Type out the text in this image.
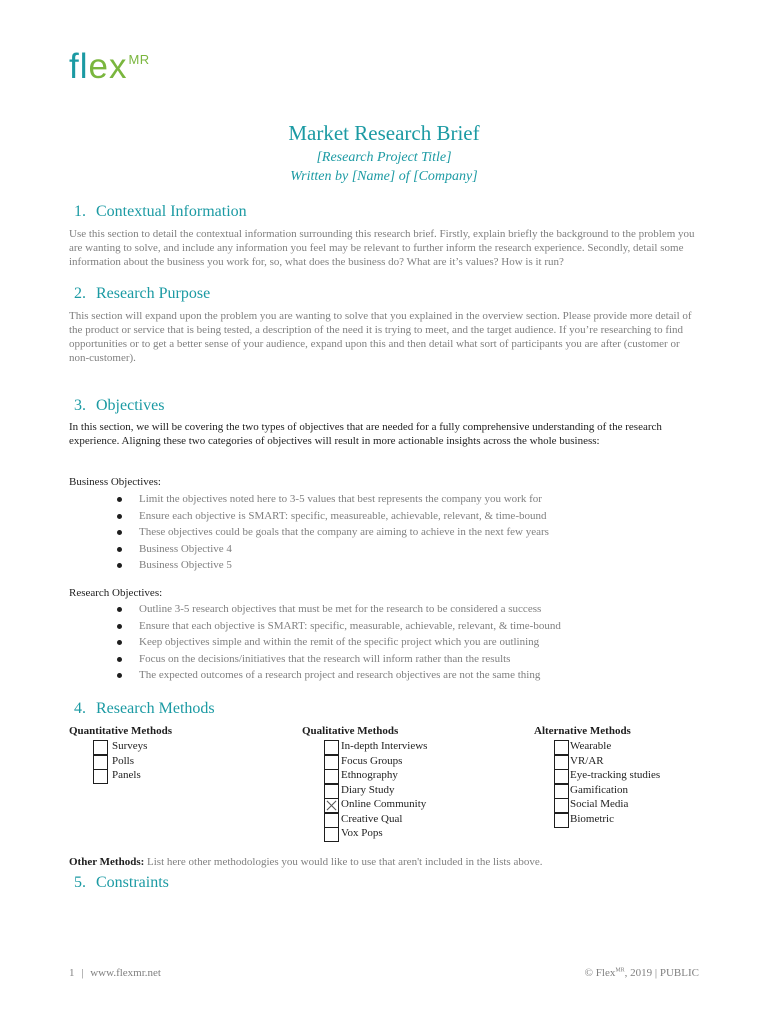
flex MR
Market Research Brief
[Research Project Title]
Written by [Name] of [Company]
1. Contextual Information
Use this section to detail the contextual information surrounding this research brief. Firstly, explain briefly the background to the problem you are wanting to solve, and include any information you feel may be relevant to further inform the research experience. Secondly, detail some information about the business you work for, so, what does the business do? What are it’s values? How is it run?
2. Research Purpose
This section will expand upon the problem you are wanting to solve that you explained in the overview section. Please provide more detail of the product or service that is being tested, a description of the need it is trying to meet, and the target audience. If you’re researching to find opportunities or to get a better sense of your audience, expand upon this and then detail what sort of participants you are after (customer or non-customer).
3. Objectives
In this section, we will be covering the two types of objectives that are needed for a fully comprehensive understanding of the research experience. Aligning these two categories of objectives will result in more actionable insights across the whole business:
Business Objectives:
Limit the objectives noted here to 3-5 values that best represents the company you work for
Ensure each objective is SMART: specific, measureable, achievable, relevant, & time-bound
These objectives could be goals that the company are aiming to achieve in the next few years
Business Objective 4
Business Objective 5
Research Objectives:
Outline 3-5 research objectives that must be met for the research to be considered a success
Ensure that each objective is SMART: specific, measurable, achievable, relevant, & time-bound
Keep objectives simple and within the remit of the specific project which you are outlining
Focus on the decisions/initiatives that the research will inform rather than the results
The expected outcomes of a research project and research objectives are not the same thing
4. Research Methods
Quantitative Methods
Surveys
Polls
Panels
Qualitative Methods
In-depth Interviews
Focus Groups
Ethnography
Diary Study
Online Community
Creative Qual
Vox Pops
Alternative Methods
Wearable
VR/AR
Eye-tracking studies
Gamification
Social Media
Biometric
Other Methods: List here other methodologies you would like to use that aren't included in the lists above.
5. Constraints
1 | www.flexmr.net	© Flex$^{MR}$, 2019 | PUBLIC
